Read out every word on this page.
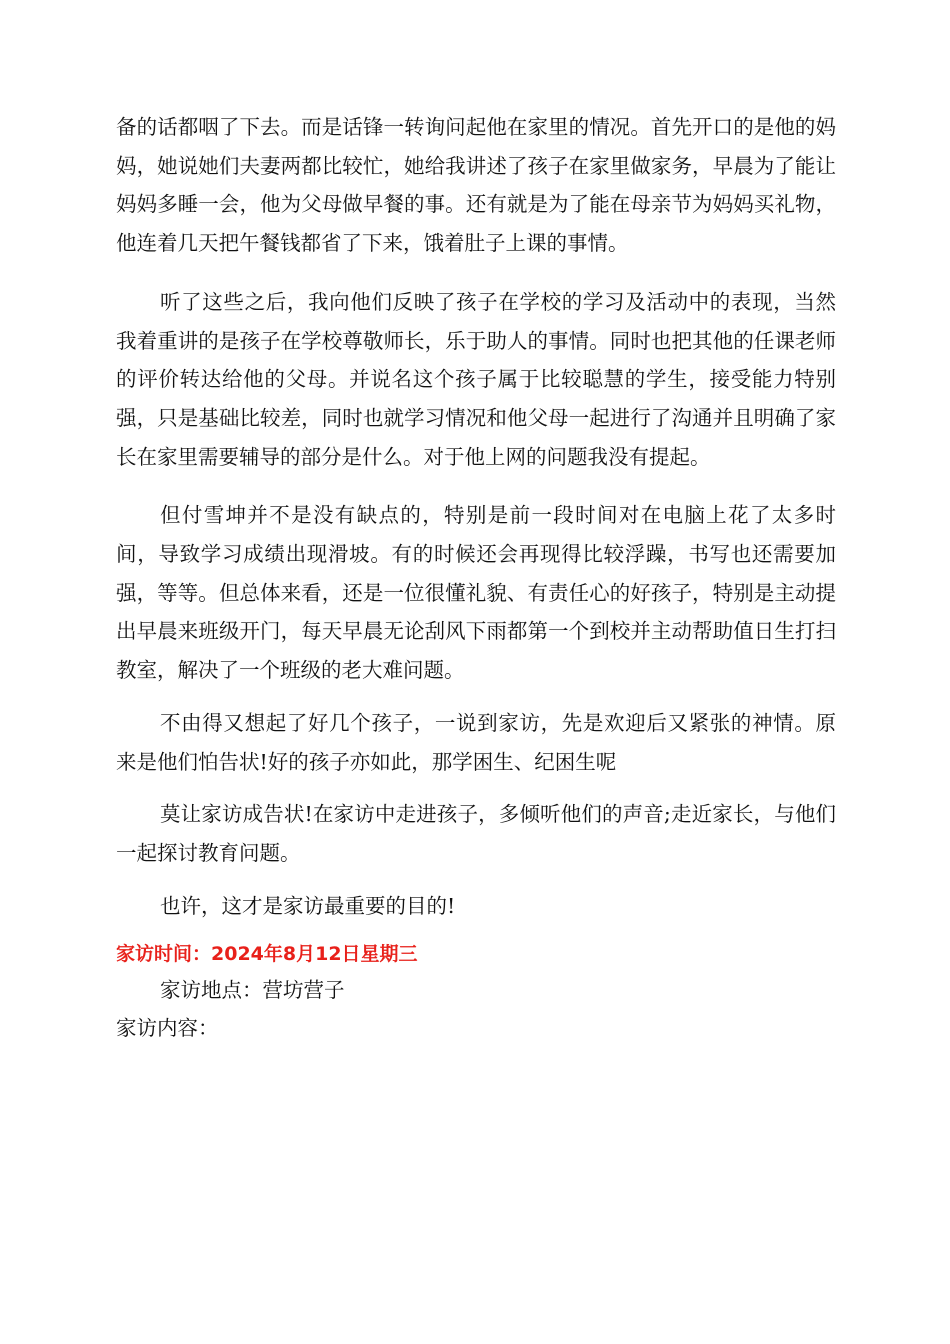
备的话都咽了下去。而是话锋一转询问起他在家里的情况。首先开口的是他的妈妈，她说她们夫妻两都比较忙，她给我讲述了孩子在家里做家务，早晨为了能让妈妈多睡一会，他为父母做早餐的事。还有就是为了能在母亲节为妈妈买礼物，他连着几天把午餐钱都省了下来，饿着肚子上课的事情。

听了这些之后，我向他们反映了孩子在学校的学习及活动中的表现，当然我着重讲的是孩子在学校尊敬师长，乐于助人的事情。同时也把其他的任课老师的评价转达给他的父母。并说名这个孩子属于比较聪慧的学生，接受能力特别强，只是基础比较差，同时也就学习情况和他父母一起进行了沟通并且明确了家长在家里需要辅导的部分是什么。对于他上网的问题我没有提起。

但付雪坤并不是没有缺点的，特别是前一段时间对在电脑上花了太多时间，导致学习成绩出现滑坡。有的时候还会再现得比较浮躁，书写也还需要加强，等等。但总体来看，还是一位很懂礼貌、有责任心的好孩子，特别是主动提出早晨来班级开门，每天早晨无论刮风下雨都第一个到校并主动帮助值日生打扫教室，解决了一个班级的老大难问题。

不由得又想起了好几个孩子，一说到家访，先是欢迎后又紧张的神情。原来是他们怕告状!好的孩子亦如此，那学困生、纪困生呢

莫让家访成告状!在家访中走进孩子，多倾听他们的声音;走近家长，与他们一起探讨教育问题。

也许，这才是家访最重要的目的!

家访时间：2024年8月12日星期三

家访地点：营坊营子

家访内容：
